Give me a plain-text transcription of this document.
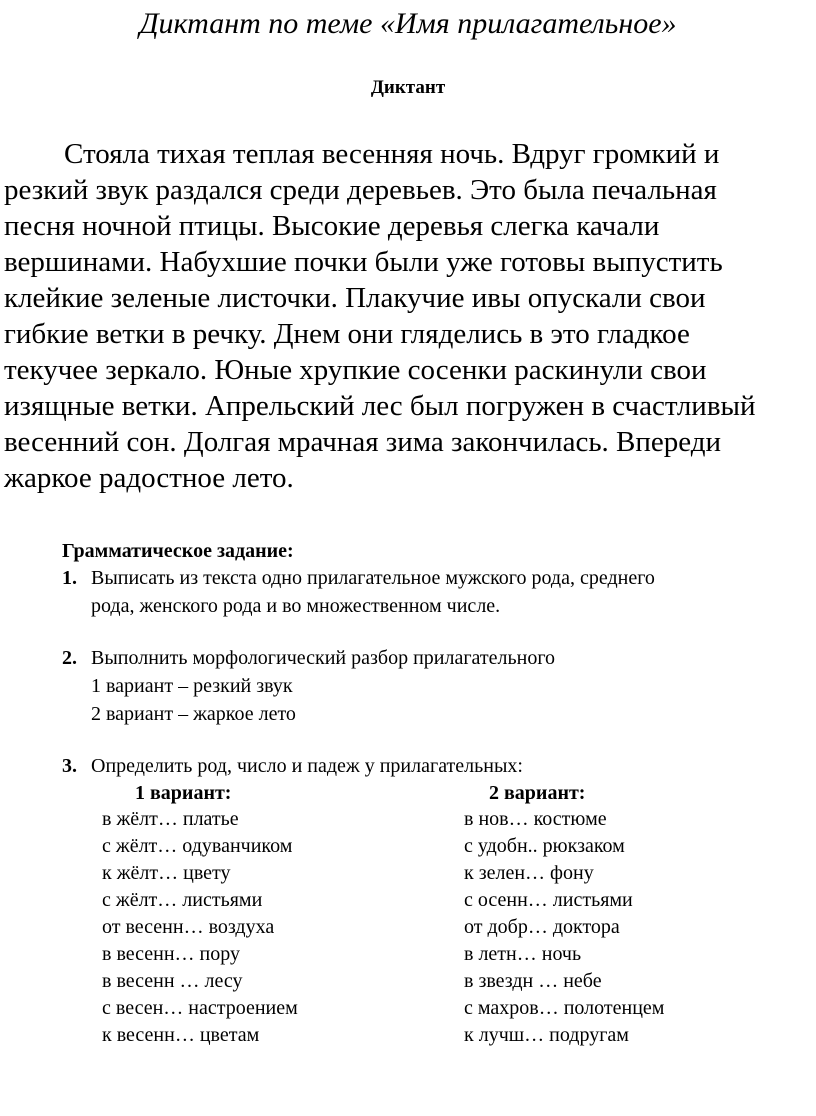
Диктант по теме «Имя прилагательное»
Диктант
Стояла тихая теплая весенняя ночь. Вдруг громкий и
резкий звук раздался среди деревьев. Это была печальная
песня ночной птицы. Высокие деревья слегка качали
вершинами. Набухшие почки были уже готовы выпустить
клейкие зеленые листочки. Плакучие ивы опускали свои
гибкие ветки в речку. Днем они гляделись в это гладкое
текучее зеркало. Юные хрупкие сосенки раскинули свои
изящные ветки. Апрельский лес был погружен в счастливый
весенний сон. Долгая мрачная зима закончилась. Впереди
жаркое радостное лето.
Грамматическое задание:
1. Выписать из текста одно прилагательное мужского рода, среднего
рода, женского рода и во множественном числе.
2. Выполнить морфологический разбор прилагательного
1 вариант – резкий звук
2 вариант – жаркое лето
3. Определить род, число и падеж у прилагательных:
1 вариант:
в жёлт… платье
с жёлт… одуванчиком
к жёлт… цвету
с жёлт… листьями
от весенн… воздуха
в весенн… пору
в весенн … лесу
с весен… настроением
к весенн… цветам
2 вариант:
в нов… костюме
с удобн.. рюкзаком
к зелен… фону
с осенн… листьями
от добр… доктора
в летн… ночь
в звездн … небе
с махров… полотенцем
к лучш… подругам
